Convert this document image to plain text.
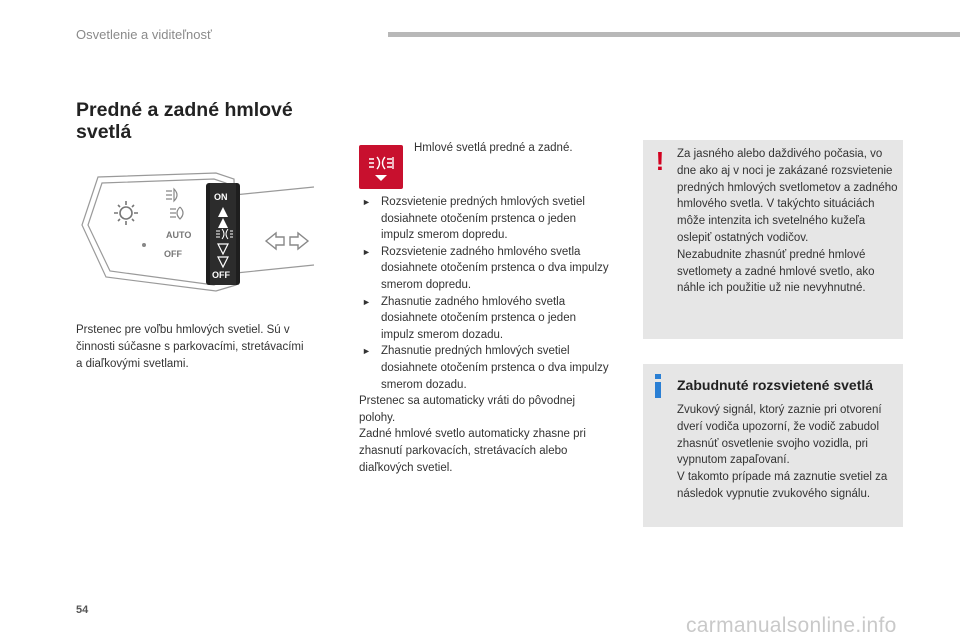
Osvetlenie a viditeľnosť
Predné a zadné hmlové svetlá
AUTO
OFF
ON
OFF
Prstenec pre voľbu hmlových svetiel. Sú v činnosti súčasne s parkovacími, stretávacími a diaľkovými svetlami.
Hmlové svetlá predné a zadné.
► Rozsvietenie predných hmlových svetiel dosiahnete otočením prstenca o jeden impulz smerom dopredu.
► Rozsvietenie zadného hmlového svetla dosiahnete otočením prstenca o dva impulzy smerom dopredu.
► Zhasnutie zadného hmlového svetla dosiahnete otočením prstenca o jeden impulz smerom dozadu.
► Zhasnutie predných hmlových svetiel dosiahnete otočením prstenca o dva impulzy smerom dozadu.

Prstenec sa automaticky vráti do pôvodnej polohy.

Zadné hmlové svetlo automaticky zhasne pri zhasnutí parkovacích, stretávacích alebo diaľkových svetiel.

!	Za jasného alebo daždivého počasia, vo dne ako aj v noci je zakázané rozsvietenie predných hmlových svetlometov a zadného hmlového svetla. V takýchto situáciách môže intenzita ich svetelného kužeľa oslepiť ostatných vodičov.
Nezabudnite zhasnúť predné hmlové svetlomety a zadné hmlové svetlo, ako náhle ich použitie už nie nevyhnutné.
Zabudnuté rozsvietené svetlá
Zvukový signál, ktorý zaznie pri otvorení dverí vodiča upozorní, že vodič zabudol zhasnúť osvetlenie svojho vozidla, pri vypnutom zapaľovaní.
V takomto prípade má zaznutie svetiel za následok vypnutie zvukového signálu.
54
carmanualsonline.info
